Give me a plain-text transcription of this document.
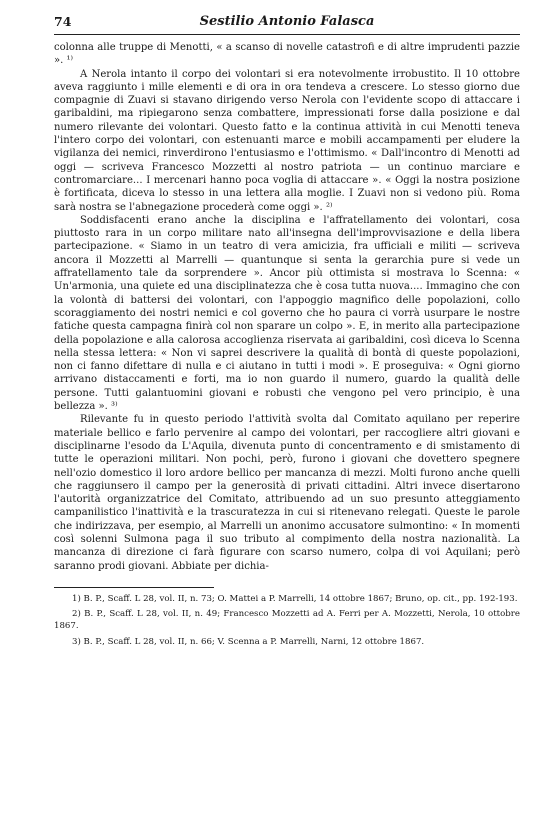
74	Sestilio Antonio Falasca

colonna alle truppe di Menotti, « a scanso di novelle catastrofi e di altre imprudenti pazzie ». ¹⁾

A Nerola intanto il corpo dei volontari si era notevolmente irrobustito. Il 10 ottobre aveva raggiunto i mille elementi e di ora in ora tendeva a crescere. Lo stesso giorno due compagnie di Zuavi si stavano dirigendo verso Nerola con l'evidente scopo di attaccare i garibaldini, ma ripiegarono senza combattere, impressionati forse dalla posizione e dal numero rilevante dei volontari. Questo fatto e la continua attività in cui Menotti teneva l'intero corpo dei volontari, con estenuanti marce e mobili accampamenti per eludere la vigilanza dei nemici, rinverdirono l'entusiasmo e l'ottimismo. « Dall'incontro di Menotti ad oggi — scriveva Francesco Mozzetti al nostro patriota — un continuo marciare e contromarciare... I mercenari hanno poca voglia di attaccare ». « Oggi la nostra posizione è fortificata, diceva lo stesso in una lettera alla moglie. I Zuavi non si vedono più. Roma sarà nostra se l'abnegazione procederà come oggi ». ²⁾

Soddisfacenti erano anche la disciplina e l'affratellamento dei volontari, cosa piuttosto rara in un corpo militare nato all'insegna dell'improvvisazione e della libera partecipazione. « Siamo in un teatro di vera amicizia, fra ufficiali e militi — scriveva ancora il Mozzetti al Marrelli — quantunque si senta la gerarchia pure si vede un affratellamento tale da sorprendere ». Ancor più ottimista si mostrava lo Scenna: « Un'armonia, una quiete ed una disciplinatezza che è cosa tutta nuova.... Immagino che con la volontà di battersi dei volontari, con l'appoggio magnifico delle popolazioni, collo scoraggiamento dei nostri nemici e col governo che ho paura ci vorrà usurpare le nostre fatiche questa campagna finirà col non sparare un colpo ». E, in merito alla partecipazione della popolazione e alla calorosa accoglienza riservata ai garibaldini, così diceva lo Scenna nella stessa lettera: « Non vi saprei descrivere la qualità di bontà di queste popolazioni, non ci fanno difettare di nulla e ci aiutano in tutti i modi ». E proseguiva: « Ogni giorno arrivano distaccamenti e forti, ma io non guardo il numero, guardo la qualità delle persone. Tutti galantuomini giovani e robusti che vengono pel vero principio, è una bellezza ». ³⁾

Rilevante fu in questo periodo l'attività svolta dal Comitato aquilano per reperire materiale bellico e farlo pervenire al campo dei volontari, per raccogliere altri giovani e disciplinarne l'esodo da L'Aquila, divenuta punto di concentramento e di smistamento di tutte le operazioni militari. Non pochi, però, furono i giovani che dovettero spegnere nell'ozio domestico il loro ardore bellico per mancanza di mezzi. Molti furono anche quelli che raggiunsero il campo per la generosità di privati cittadini. Altri invece disertarono l'autorità organizzatrice del Comitato, attribuendo ad un suo presunto atteggiamento campanilistico l'inattività e la trascuratezza in cui si ritenevano relegati. Queste le parole che indirizzava, per esempio, al Marrelli un anonimo accusatore sulmontino: « In momenti così solenni Sulmona paga il suo tributo al compimento della nostra nazionalità. La mancanza di direzione ci farà figurare con scarso numero, colpa di voi Aquilani; però saranno prodi giovani. Abbiate per dichia-

1) B. P., Scaff. L 28, vol. II, n. 73; O. Mattei a P. Marrelli, 14 ottobre 1867; Bruno, op. cit., pp. 192-193.

2) B. P., Scaff. L 28, vol. II, n. 49; Francesco Mozzetti ad A. Ferri per A. Mozzetti, Nerola, 10 ottobre 1867.

3) B. P., Scaff. L 28, vol. II, n. 66; V. Scenna a P. Marrelli, Narni, 12 ottobre 1867.
